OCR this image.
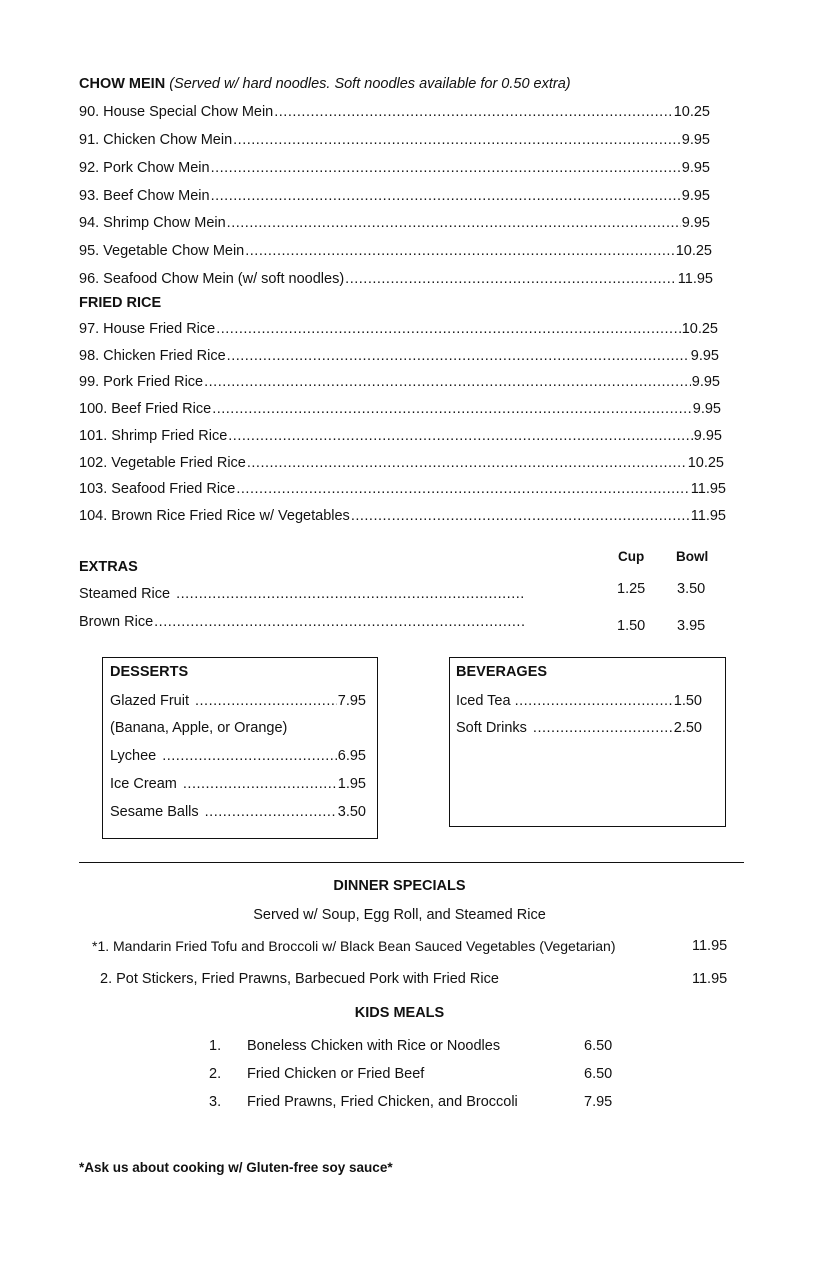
CHOW MEIN (Served w/ hard noodles. Soft noodles available for 0.50 extra)
90. House Special Chow Mein .....	10.25
91. Chicken Chow Mein .....	9.95
92. Pork Chow Mein .....	9.95
93. Beef Chow Mein .....	9.95
94. Shrimp Chow Mein .....	9.95
95. Vegetable Chow Mein .....	10.25
96. Seafood Chow Mein (w/ soft noodles) .....	11.95
FRIED RICE
97. House Fried Rice .....	10.25
98. Chicken Fried Rice .....	9.95
99. Pork Fried Rice .....	9.95
100. Beef Fried Rice .....	9.95
101. Shrimp Fried Rice .....	9.95
102. Vegetable Fried Rice .....	10.25
103. Seafood Fried Rice .....	11.95
104. Brown Rice Fried Rice w/ Vegetables .....	11.95
EXTRAS
Cup Bowl
Steamed Rice .....	1.25 3.50
Brown Rice .....	1.50 3.95
DESSERTS
Glazed Fruit .....	7.95
(Banana, Apple, or Orange)
Lychee .....	6.95
Ice Cream .....	1.95
Sesame Balls .....	3.50
BEVERAGES
Iced Tea .....	1.50
Soft Drinks .....	2.50
DINNER SPECIALS
Served w/ Soup, Egg Roll, and Steamed Rice
*1. Mandarin Fried Tofu and Broccoli w/ Black Bean Sauced Vegetables (Vegetarian)	11.95
2. Pot Stickers, Fried Prawns, Barbecued Pork with Fried Rice	11.95
KIDS MEALS
1. Boneless Chicken with Rice or Noodles	6.50
2. Fried Chicken or Fried Beef	6.50
3. Fried Prawns, Fried Chicken, and Broccoli	7.95
*Ask us about cooking w/ Gluten-free soy sauce*
